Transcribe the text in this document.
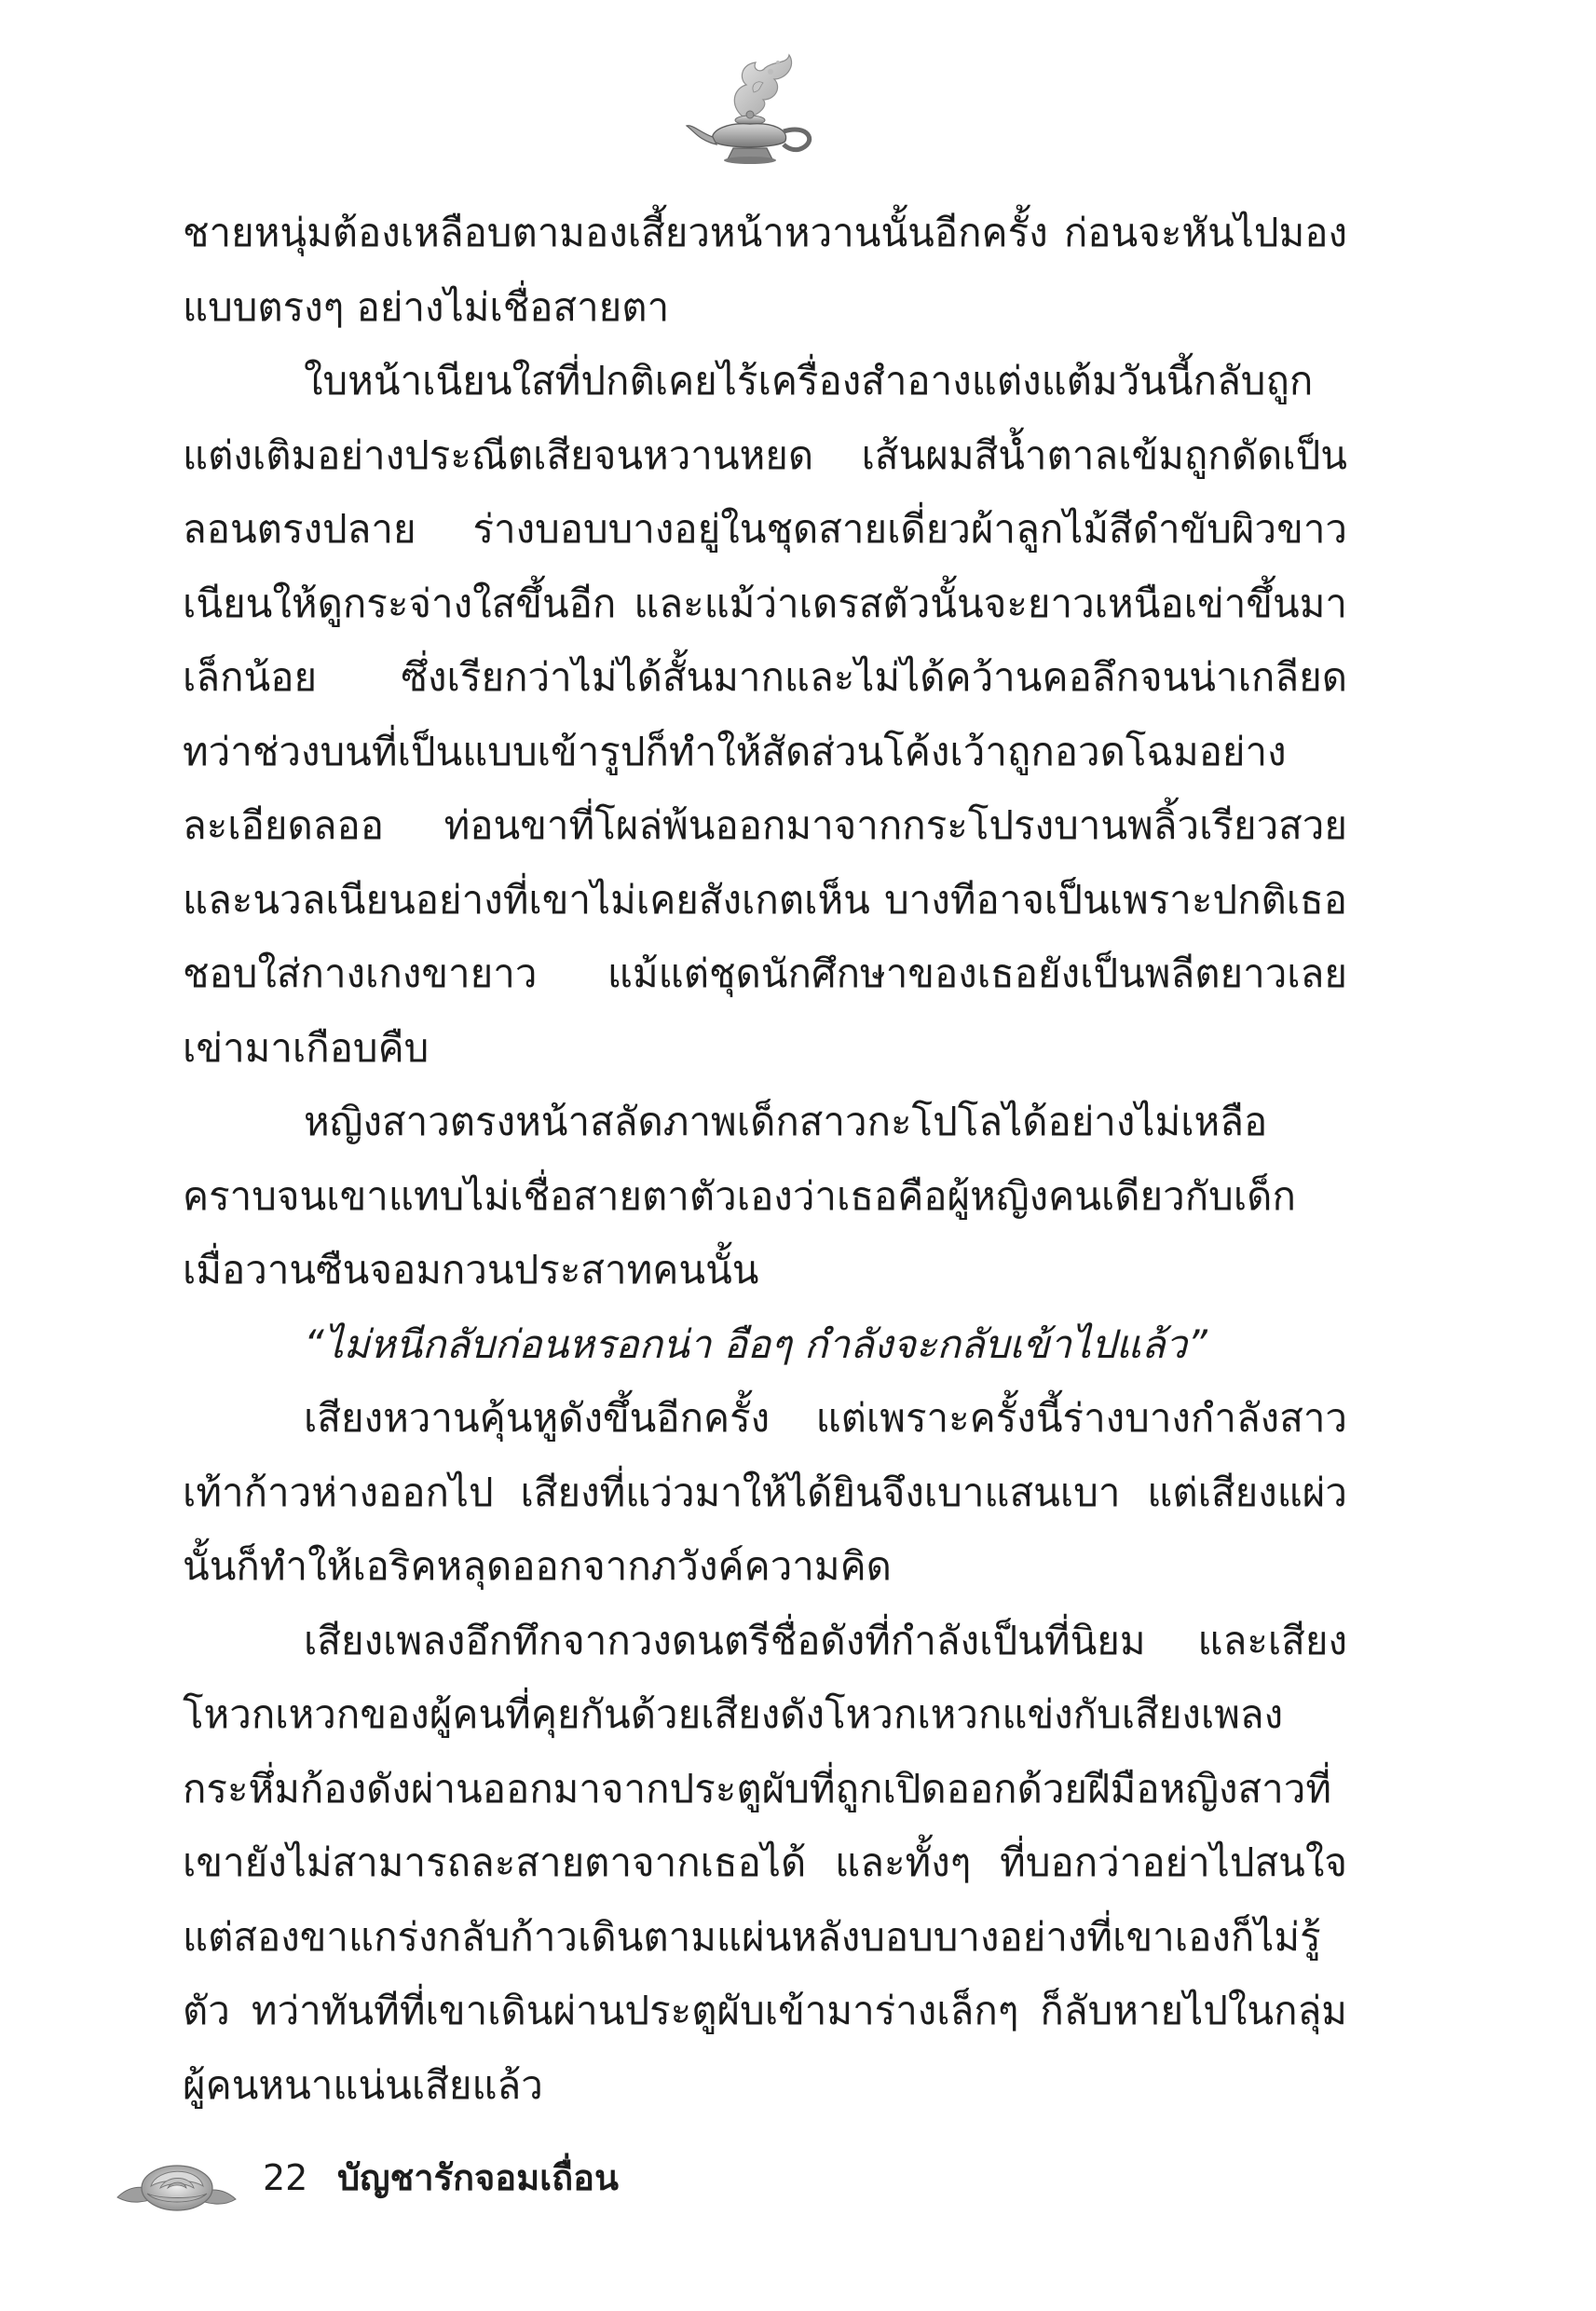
ชายหนุ่มต้องเหลือบตามองเสี้ยวหน้าหวานนั้นอีกครั้ง ก่อนจะหันไปมองแบบตรงๆ อย่างไม่เชื่อสายตา

ใบหน้าเนียนใสที่ปกติเคยไร้เครื่องสำอางแต่งแต้มวันนี้กลับถูกแต่งเติมอย่างประณีตเสียจนหวานหยด เส้นผมสีน้ำตาลเข้มถูกดัดเป็นลอนตรงปลาย ร่างบอบบางอยู่ในชุดสายเดี่ยวผ้าลูกไม้สีดำขับผิวขาวเนียนให้ดูกระจ่างใสขึ้นอีก และแม้ว่าเดรสตัวนั้นจะยาวเหนือเข่าขึ้นมาเล็กน้อย ซึ่งเรียกว่าไม่ได้สั้นมากและไม่ได้คว้านคอลึกจนน่าเกลียด ทว่าช่วงบนที่เป็นแบบเข้ารูปก็ทำให้สัดส่วนโค้งเว้าถูกอวดโฉมอย่างละเอียดลออ ท่อนขาที่โผล่พ้นออกมาจากกระโปรงบานพลิ้วเรียวสวยและนวลเนียนอย่างที่เขาไม่เคยสังเกตเห็น บางทีอาจเป็นเพราะปกติเธอชอบใส่กางเกงขายาว แม้แต่ชุดนักศึกษาของเธอยังเป็นพลีตยาวเลยเข่ามาเกือบคืบ

หญิงสาวตรงหน้าสลัดภาพเด็กสาวกะโปโลได้อย่างไม่เหลือคราบจนเขาแทบไม่เชื่อสายตาตัวเองว่าเธอคือผู้หญิงคนเดียวกับเด็กเมื่อวานซืนจอมกวนประสาทคนนั้น

“ไม่หนีกลับก่อนหรอกน่า อือๆ กำลังจะกลับเข้าไปแล้ว”

เสียงหวานคุ้นหูดังขึ้นอีกครั้ง แต่เพราะครั้งนี้ร่างบางกำลังสาวเท้าก้าวห่างออกไป เสียงที่แว่วมาให้ได้ยินจึงเบาแสนเบา แต่เสียงแผ่วนั้นก็ทำให้เอริคหลุดออกจากภวังค์ความคิด

เสียงเพลงอึกทึกจากวงดนตรีชื่อดังที่กำลังเป็นที่นิยม และเสียงโหวกเหวกของผู้คนที่คุยกันด้วยเสียงดังโหวกเหวกแข่งกับเสียงเพลงกระหึ่มก้องดังผ่านออกมาจากประตูผับที่ถูกเปิดออกด้วยฝีมือหญิงสาวที่เขายังไม่สามารถละสายตาจากเธอได้ และทั้งๆ ที่บอกว่าอย่าไปสนใจแต่สองขาแกร่งกลับก้าวเดินตามแผ่นหลังบอบบางอย่างที่เขาเองก็ไม่รู้ตัว ทว่าทันทีที่เขาเดินผ่านประตูผับเข้ามาร่างเล็กๆ ก็ลับหายไปในกลุ่มผู้คนหนาแน่นเสียแล้ว

22 บัญชารักจอมเถื่อน
